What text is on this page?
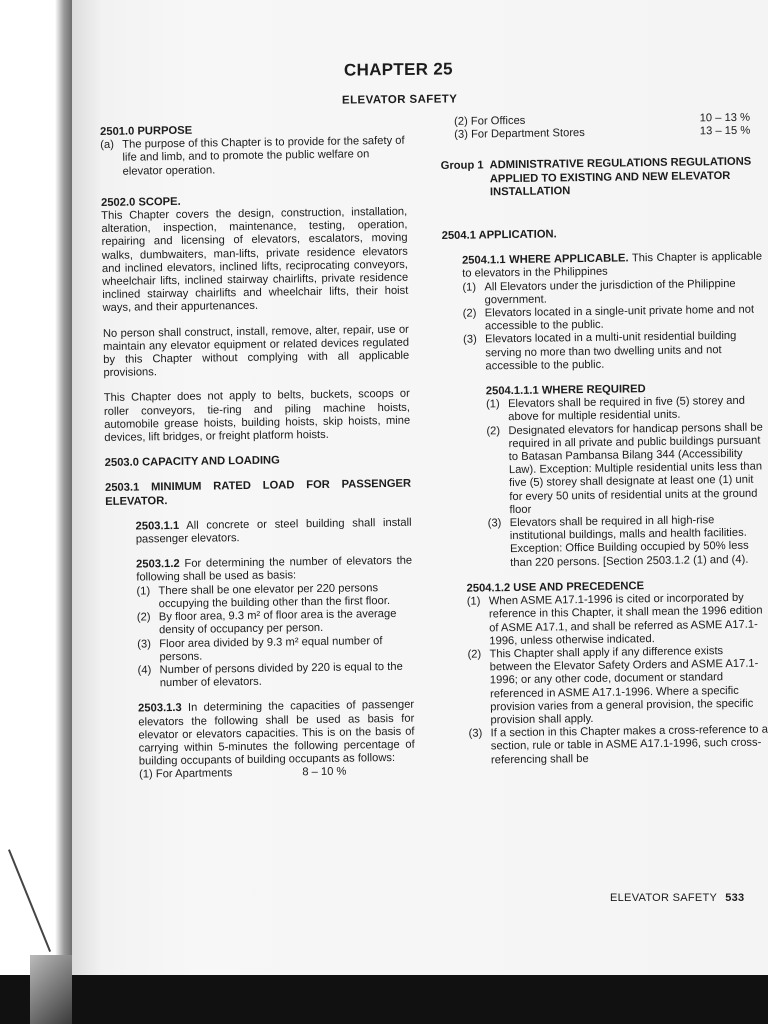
CHAPTER 25
ELEVATOR SAFETY

2501.0 PURPOSE

(a) The purpose of this Chapter is to provide for the safety of life and limb, and to promote the public welfare on elevator operation.

2502.0 SCOPE.

This Chapter covers the design, construction, installation, alteration, inspection, maintenance, testing, operation, repairing and licensing of elevators, escalators, moving walks, dumbwaiters, man-lifts, private residence elevators and inclined elevators, inclined lifts, reciprocating conveyors, wheelchair lifts, inclined stairway chairlifts, private residence inclined stairway chairlifts and wheelchair lifts, their hoist ways, and their appurtenances.

No person shall construct, install, remove, alter, repair, use or maintain any elevator equipment or related devices regulated by this Chapter without complying with all applicable provisions.

This Chapter does not apply to belts, buckets, scoops or roller conveyors, tie-ring and piling machine hoists, automobile grease hoists, building hoists, skip hoists, mine devices, lift bridges, or freight platform hoists.

2503.0 CAPACITY AND LOADING

2503.1 MINIMUM RATED LOAD FOR PASSENGER ELEVATOR.

2503.1.1 All concrete or steel building shall install passenger elevators.

2503.1.2 For determining the number of elevators the following shall be used as basis:

(1) There shall be one elevator per 220 persons occupying the building other than the first floor.
(2) By floor area, 9.3 m² of floor area is the average density of occupancy per person.
(3) Floor area divided by 9.3 m² equal number of persons.
(4) Number of persons divided by 220 is equal to the number of elevators.

2503.1.3 In determining the capacities of passenger elevators the following shall be used as basis for elevator or elevators capacities. This is on the basis of carrying within 5-minutes the following percentage of building occupants of building occupants as follows:

(1) For Apartments	8 – 10 %
(2) For Offices	10 – 13 %
(3) For Department Stores	13 – 15 %
Group 1 ADMINISTRATIVE REGULATIONS REGULATIONS APPLIED TO EXISTING AND NEW ELEVATOR INSTALLATION

2504.1 APPLICATION.

2504.1.1 WHERE APPLICABLE. This Chapter is applicable to elevators in the Philippines

(1) All Elevators under the jurisdiction of the Philippine government.
(2) Elevators located in a single-unit private home and not accessible to the public.
(3) Elevators located in a multi-unit residential building serving no more than two dwelling units and not accessible to the public.

2504.1.1.1 WHERE REQUIRED

(1) Elevators shall be required in five (5) storey and above for multiple residential units.
(2) Designated elevators for handicap persons shall be required in all private and public buildings pursuant to Batasan Pambansa Bilang 344 (Accessibility Law). Exception: Multiple residential units less than five (5) storey shall designate at least one (1) unit for every 50 units of residential units at the ground floor
(3) Elevators shall be required in all high-rise institutional buildings, malls and health facilities. Exception: Office Building occupied by 50% less than 220 persons. [Section 2503.1.2 (1) and (4).

2504.1.2 USE AND PRECEDENCE

(1) When ASME A17.1-1996 is cited or incorporated by reference in this Chapter, it shall mean the 1996 edition of ASME A17.1, and shall be referred as ASME A17.1-1996, unless otherwise indicated.
(2) This Chapter shall apply if any difference exists between the Elevator Safety Orders and ASME A17.1-1996; or any other code, document or standard referenced in ASME A17.1-1996. Where a specific provision varies from a general provision, the specific provision shall apply.
(3) If a section in this Chapter makes a cross-reference to a section, rule or table in ASME A17.1-1996, such cross-referencing shall be
ELEVATOR SAFETY 533
